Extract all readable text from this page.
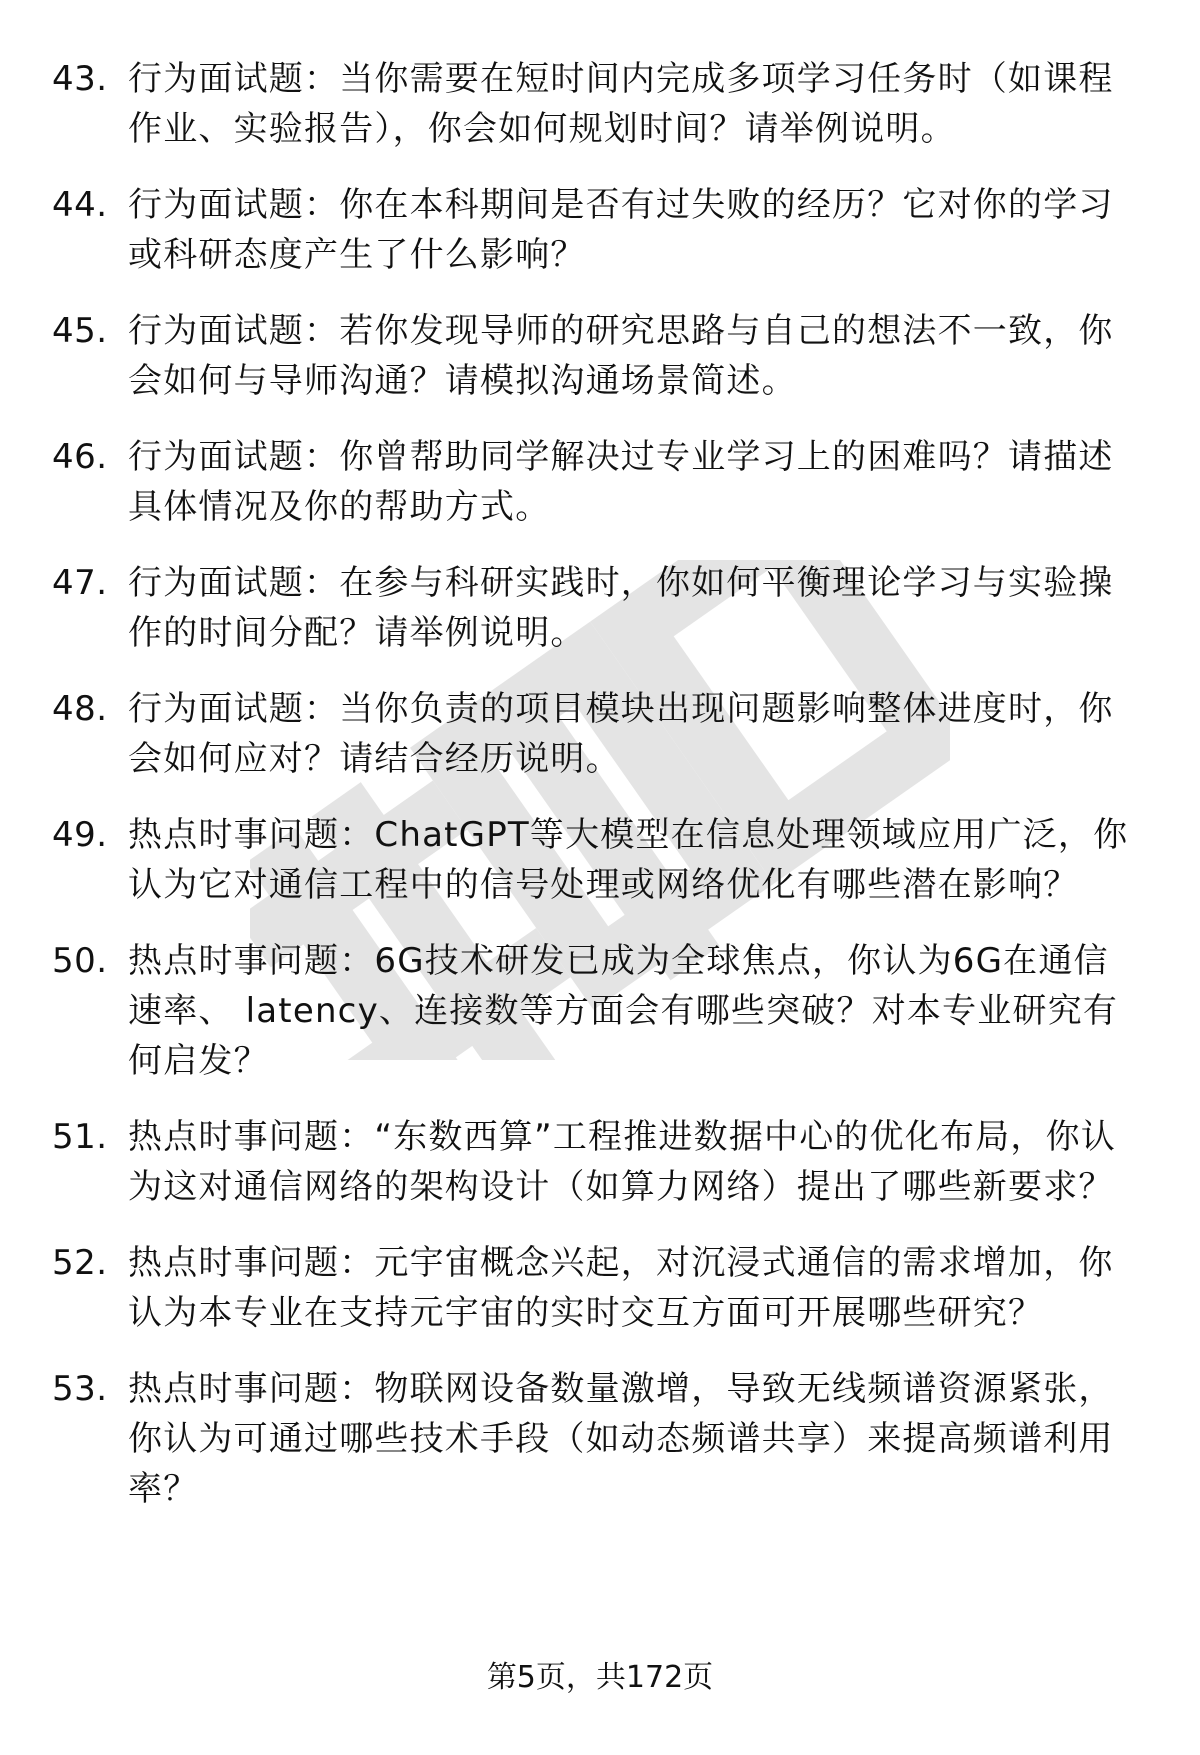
43. 行为面试题：当你需要在短时间内完成多项学习任务时（如课程作业、实验报告），你会如何规划时间？请举例说明。
44. 行为面试题：你在本科期间是否有过失败的经历？它对你的学习或科研态度产生了什么影响？
45. 行为面试题：若你发现导师的研究思路与自己的想法不一致，你会如何与导师沟通？请模拟沟通场景简述。
46. 行为面试题：你曾帮助同学解决过专业学习上的困难吗？请描述具体情况及你的帮助方式。
47. 行为面试题：在参与科研实践时，你如何平衡理论学习与实验操作的时间分配？请举例说明。
48. 行为面试题：当你负责的项目模块出现问题影响整体进度时，你会如何应对？请结合经历说明。
49. 热点时事问题：ChatGPT等大模型在信息处理领域应用广泛，你认为它对通信工程中的信号处理或网络优化有哪些潜在影响？
50. 热点时事问题：6G技术研发已成为全球焦点，你认为6G在通信速率、 latency、连接数等方面会有哪些突破？对本专业研究有何启发？
51. 热点时事问题：“东数西算”工程推进数据中心的优化布局，你认为这对通信网络的架构设计（如算力网络）提出了哪些新要求？
52. 热点时事问题：元宇宙概念兴起，对沉浸式通信的需求增加，你认为本专业在支持元宇宙的实时交互方面可开展哪些研究？
53. 热点时事问题：物联网设备数量激增，导致无线频谱资源紧张，你认为可通过哪些技术手段（如动态频谱共享）来提高频谱利用率？
第5页，共172页
